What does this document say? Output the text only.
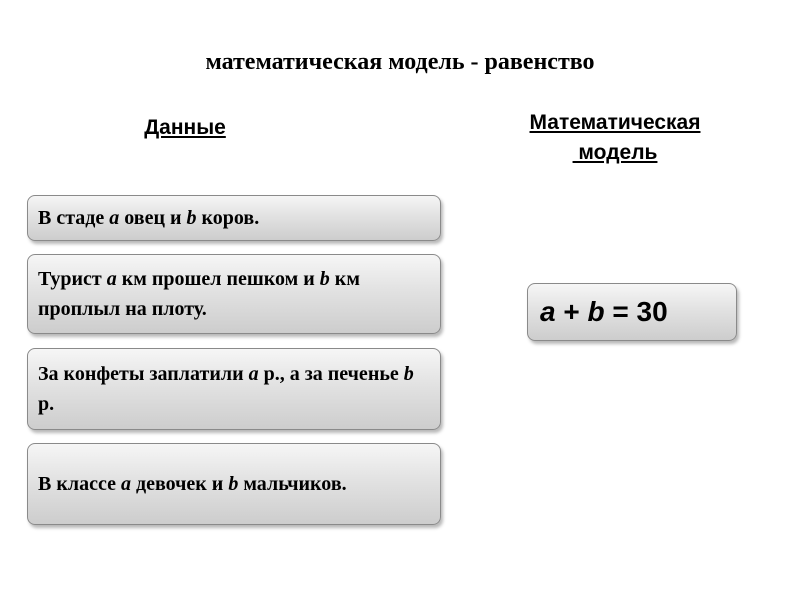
математическая модель - равенство
Данные	Математическая
модель
В стаде a овец и b коров.
Турист a км прошел пешком и b км проплыл на плоту.
За конфеты заплатили a р., а за печенье b р.
В классе a девочек и b мальчиков.
a + b = 30
